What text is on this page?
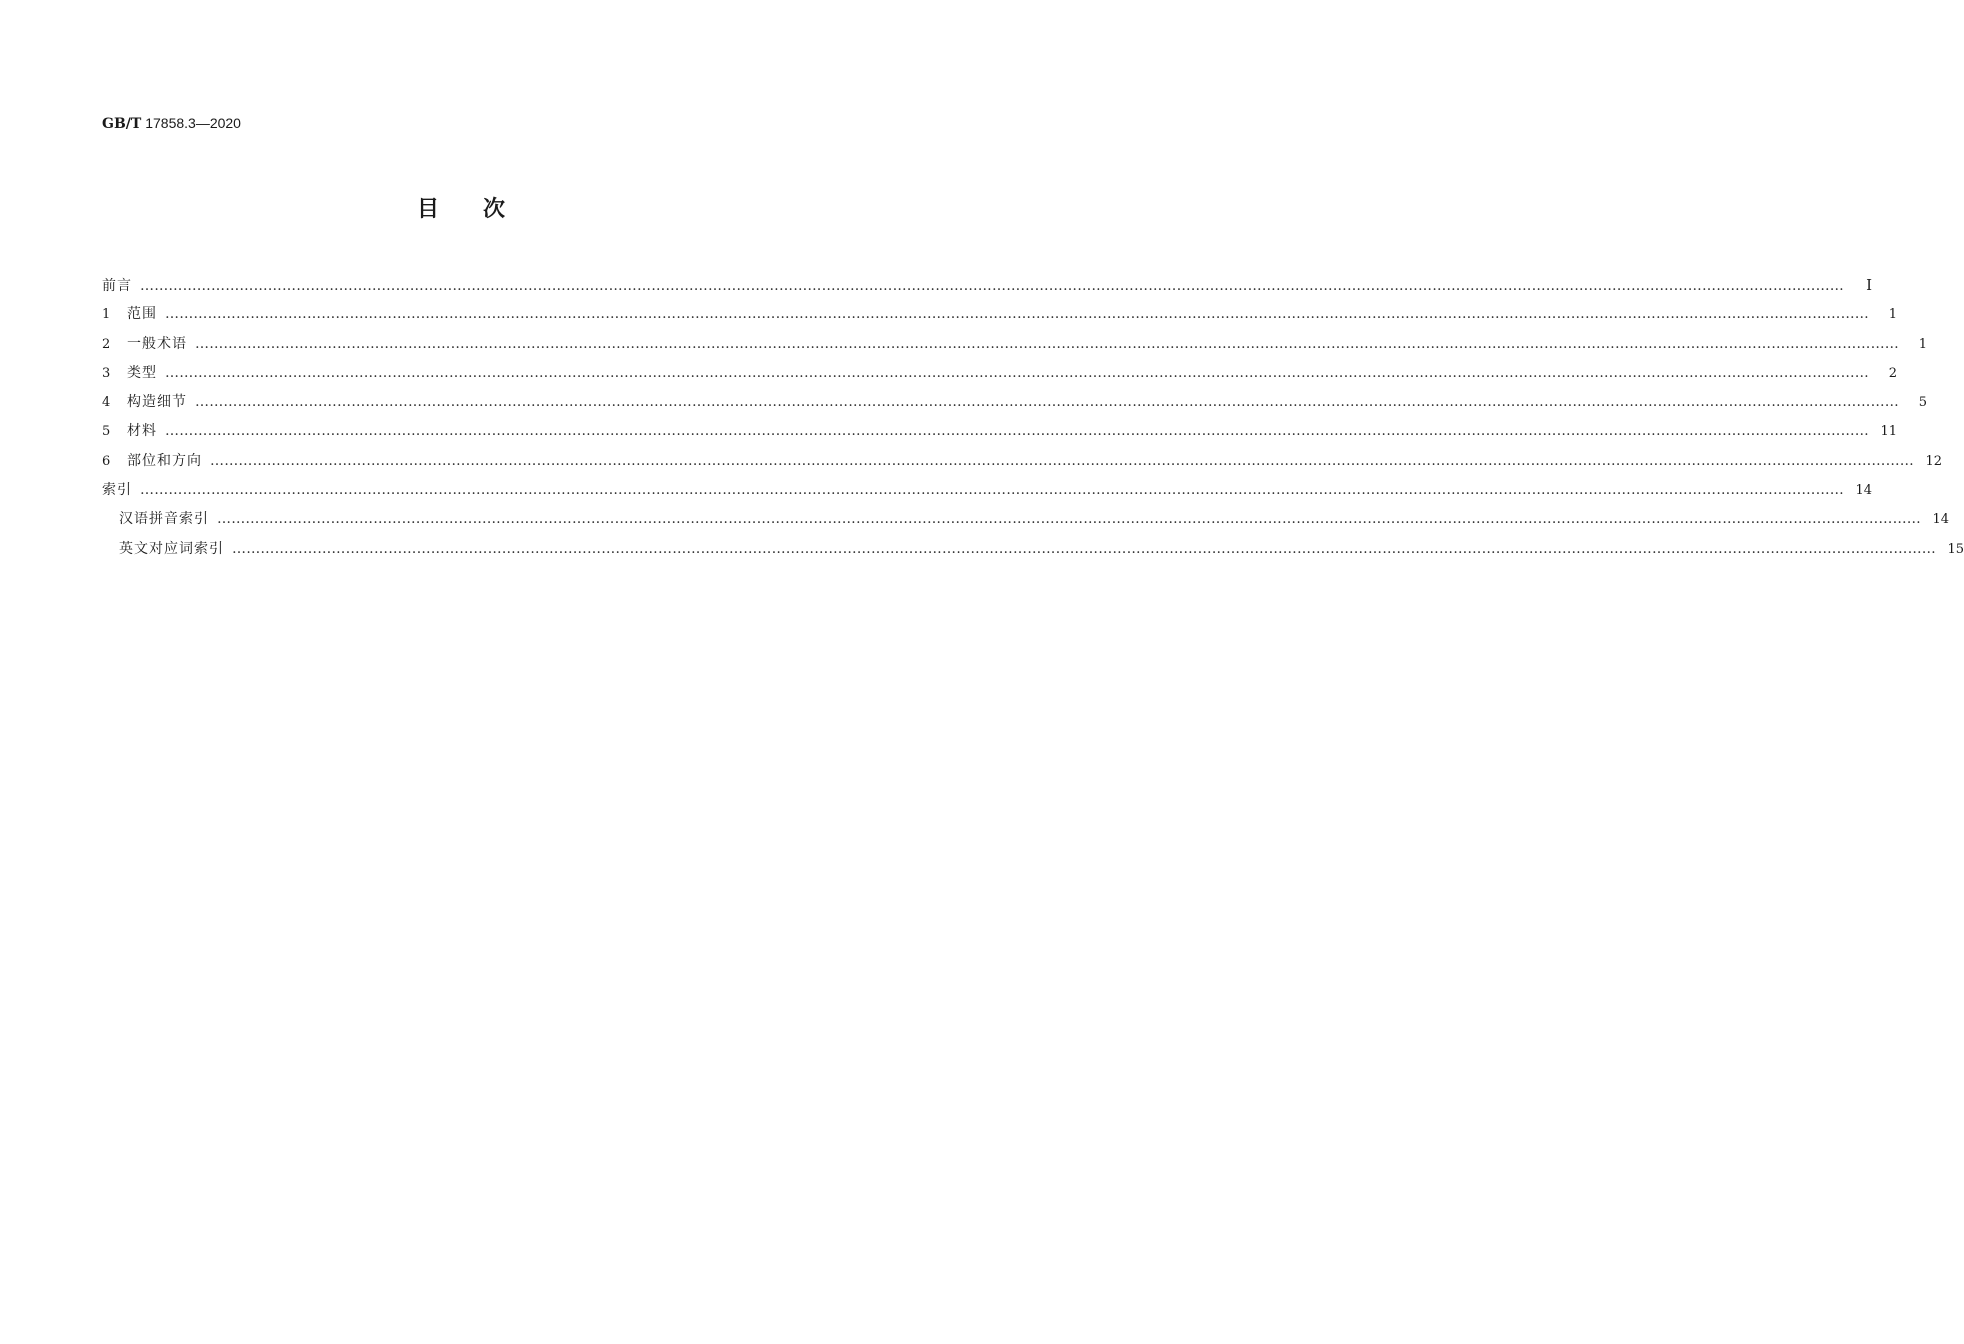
GB/T 17858.3—2020
目次
前言 ………………………………………………………………………………………………………………………………………………………………………………………………………………………………………………………………………………………………………………………………	Ⅰ
1	范围 ………………………………………………………………………………………………………………………………………………………………………………………………………………………………………………………………………………………………………………………………	1
2	一般术语 ………………………………………………………………………………………………………………………………………………………………………………………………………………………………………………………………………………………………………………………………	1
3	类型 ………………………………………………………………………………………………………………………………………………………………………………………………………………………………………………………………………………………………………………………………	2
4	构造细节 ………………………………………………………………………………………………………………………………………………………………………………………………………………………………………………………………………………………………………………………………	5
5	材料 ……………………………………………………………………………………………………………………………………………………………………………………………………………………………………………………………………………………………………………………………… 11
6	部位和方向 ……………………………………………………………………………………………………………………………………………………………………………………………………………………………………………………………………………………………………………………………… 12
索引 ……………………………………………………………………………………………………………………………………………………………………………………………………………………………………………………………………………………………………………………………… 14
汉语拼音索引 ……………………………………………………………………………………………………………………………………………………………………………………………………………………………………………………………………………………………………………………………… 14
英文对应词索引 ……………………………………………………………………………………………………………………………………………………………………………………………………………………………………………………………………………………………………………………………… 15
